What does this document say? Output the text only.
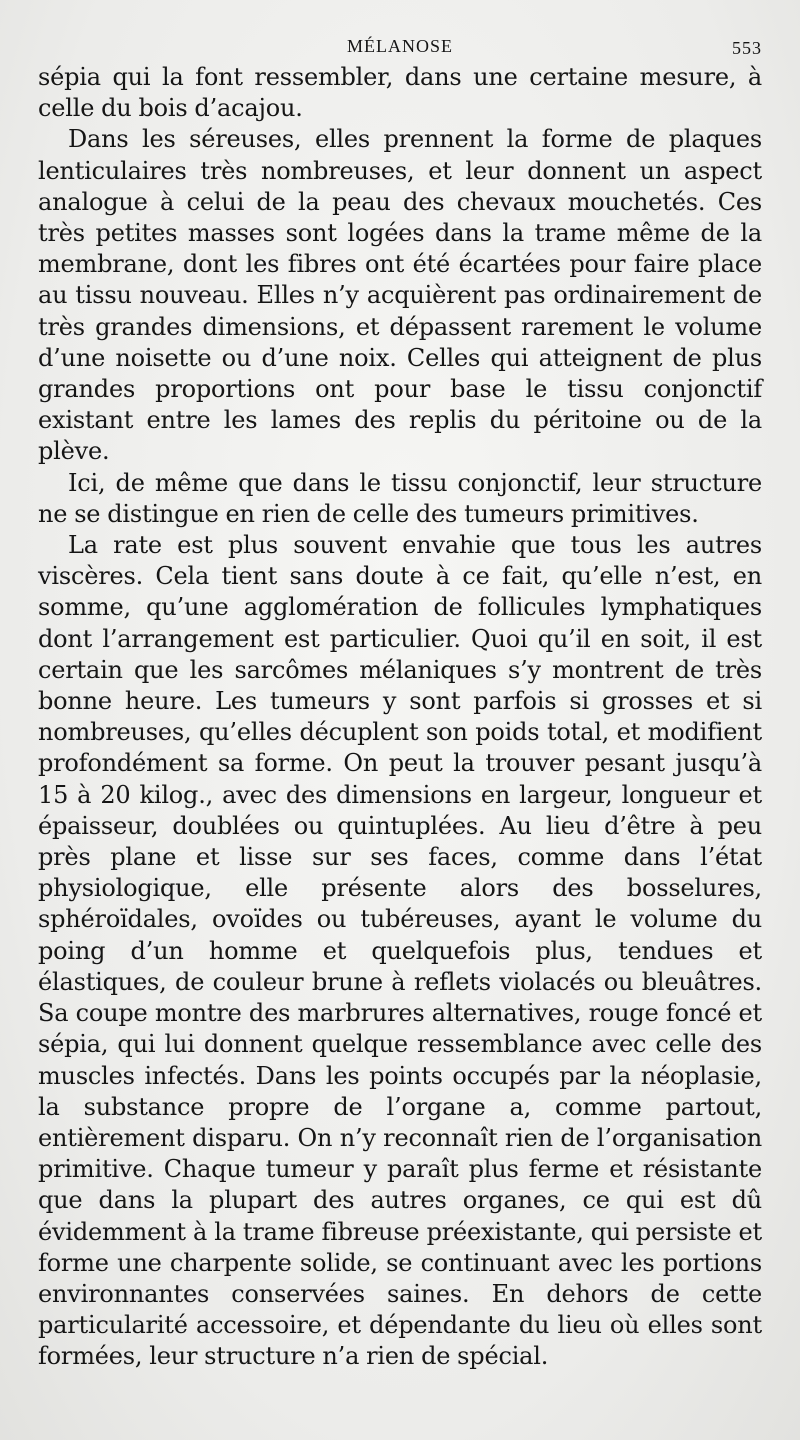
MÉLANOSE	553

sépia qui la font ressembler, dans une certaine mesure, à celle du bois d’acajou.

Dans les séreuses, elles prennent la forme de plaques lenticulaires très nombreuses, et leur donnent un aspect analogue à celui de la peau des chevaux mouchetés. Ces très petites masses sont logées dans la trame même de la membrane, dont les fibres ont été écartées pour faire place au tissu nouveau. Elles n’y acquièrent pas ordinairement de très grandes dimensions, et dépassent rarement le volume d’une noisette ou d’une noix. Celles qui atteignent de plus grandes proportions ont pour base le tissu conjonctif existant entre les lames des replis du péritoine ou de la plève.

Ici, de même que dans le tissu conjonctif, leur structure ne se distingue en rien de celle des tumeurs primitives.

La rate est plus souvent envahie que tous les autres viscères. Cela tient sans doute à ce fait, qu’elle n’est, en somme, qu’une agglomération de follicules lymphatiques dont l’arrangement est particulier. Quoi qu’il en soit, il est certain que les sarcômes mélaniques s’y montrent de très bonne heure. Les tumeurs y sont parfois si grosses et si nombreuses, qu’elles décuplent son poids total, et modifient profondément sa forme. On peut la trouver pesant jusqu’à 15 à 20 kilog., avec des dimensions en largeur, longueur et épaisseur, doublées ou quintuplées. Au lieu d’être à peu près plane et lisse sur ses faces, comme dans l’état physiologique, elle présente alors des bosselures, sphéroïdales, ovoïdes ou tubéreuses, ayant le volume du poing d’un homme et quelquefois plus, tendues et élastiques, de couleur brune à reflets violacés ou bleuâtres. Sa coupe montre des marbrures alternatives, rouge foncé et sépia, qui lui donnent quelque ressemblance avec celle des muscles infectés. Dans les points occupés par la néoplasie, la substance propre de l’organe a, comme partout, entièrement disparu. On n’y reconnaît rien de l’organisation primitive. Chaque tumeur y paraît plus ferme et résistante que dans la plupart des autres organes, ce qui est dû évidemment à la trame fibreuse préexistante, qui persiste et forme une charpente solide, se continuant avec les portions environnantes conservées saines. En dehors de cette particularité accessoire, et dépendante du lieu où elles sont formées, leur structure n’a rien de spécial.
